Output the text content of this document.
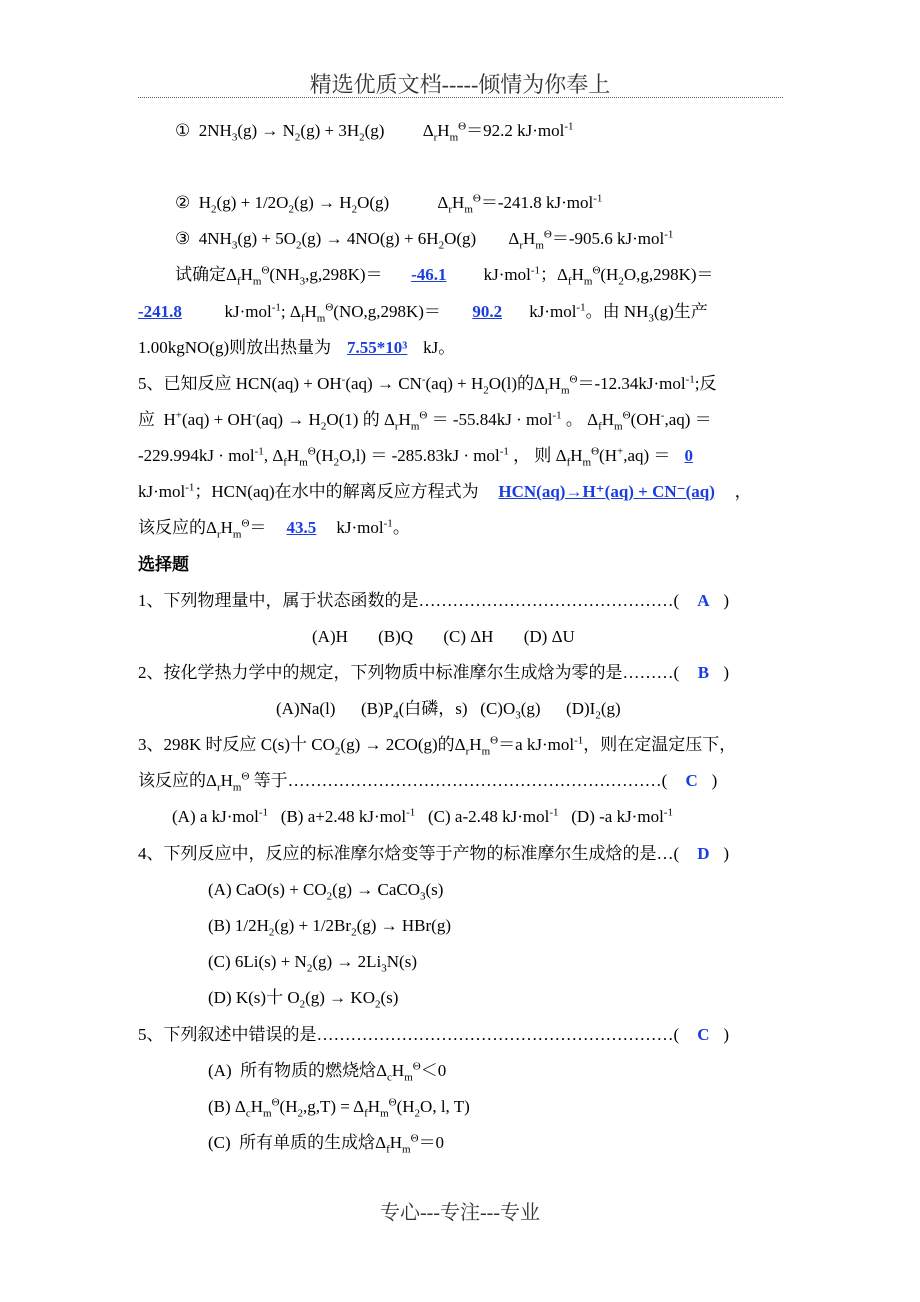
精选优质文档-----倾情为你奉上
①  $2NH_3(g) \to N_2(g) + 3H_2(g)$ $\Delta_rH_m^\Theta=92.2$ kJ·mol$^{-1}$
②  $H_2(g) + 1/2O_2(g) \to H_2O(g)$	$\Delta_rH_m^\Theta=-241.8$ kJ·mol$^{-1}$
③  $4NH_3(g) + 5O_2(g) \to 4NO(g) + 6H_2O(g)$ $\Delta_rH_m^\Theta=-905.6$ kJ·mol$^{-1}$
试确定$\Delta_fH_m^\Theta(NH_3,g,298K)= -46.1$   kJ·mol$^{-1}$；$\Delta_fH_m^\Theta(H_2O,g,298K)=$
-241.8  kJ·mol$^{-1}$; $\Delta_fH_m^\Theta(NO,g,298K)= 90.2$ kJ·mol$^{-1}$。由 $NH_3(g)$生产
1.00kgNO(g)则放出热量为 7.55*10³ kJ。
5、已知反应 $HCN(aq) + OH^-(aq) \to CN^-(aq) + H_2O(l)$的$\Delta_rH_m^\Theta=-12.34kJ\cdot mol^{-1}$;反
应  $H^+(aq) + OH^-(aq) \to H_2O(1)$ 的 $\Delta_rH_m^\Theta = -55.84kJ \cdot mol^{-1}$ 。 $\Delta_fH_m^\Theta(OH^-,aq)$ ＝
-229.994kJ · mol$^{-1}$, $\Delta_fH_m^\Theta(H_2O,l) = -285.83kJ \cdot mol^{-1}$ ， 则 $\Delta_fH_m^\Theta(H^+,aq) = 0$
kJ·mol$^{-1}$；HCN(aq)在水中的解离反应方程式为 HCN(aq)→H⁺(aq) + CN⁻(aq) ，
该反应的$\Delta_rH_m^\Theta= 43.5$ kJ·mol$^{-1}$。
选择题
1、下列物理量中，属于状态函数的是………………………………………( A )
(A)H (B)Q (C) ΔH (D) ΔU
2、按化学热力学中的规定，下列物质中标准摩尔生成焓为零的是………( B )
(A)Na(l)      $(B)P_4$(白磷，s)   $(C)O_3(g)$      $(D)I_2(g)$
3、298K 时反应 C(s)十 $CO_2(g) \to 2CO(g)$的$\Delta_rH_m^\Theta=a$ kJ·mol$^{-1}$，则在定温定压下，
该反应的$\Delta_rH_m^\Theta$ 等于…………………………………………………………( C )
(A) a kJ·mol$^{-1}$   (B) a+2.48 kJ·mol$^{-1}$   (C) a-2.48 kJ·mol$^{-1}$   (D) -a kJ·mol$^{-1}$
4、下列反应中，反应的标准摩尔焓变等于产物的标准摩尔生成焓的是…( D )
(A) $CaO(s) + CO_2(g)$ → CaCO$_3$(s)
(B) $1/2H_2(g) + 1/2Br_2(g) \to HBr(g)$
(C) $6Li(s) + N_2(g) \to 2Li_3N(s)$
(D) K(s)十 $O_2(g) \to KO_2(s)$
5、下列叙述中错误的是………………………………………………………( C )
(A)  所有物质的燃烧焓$\Delta_cH_m^\Theta<0$
(B) $\Delta_cH_m^\Theta(H_2,g,T) = \Delta_fH_m^\Theta(H_2O$, l, T)
(C)  所有单质的生成焓$\Delta_fH_m^\Theta=0$
专心---专注---专业
